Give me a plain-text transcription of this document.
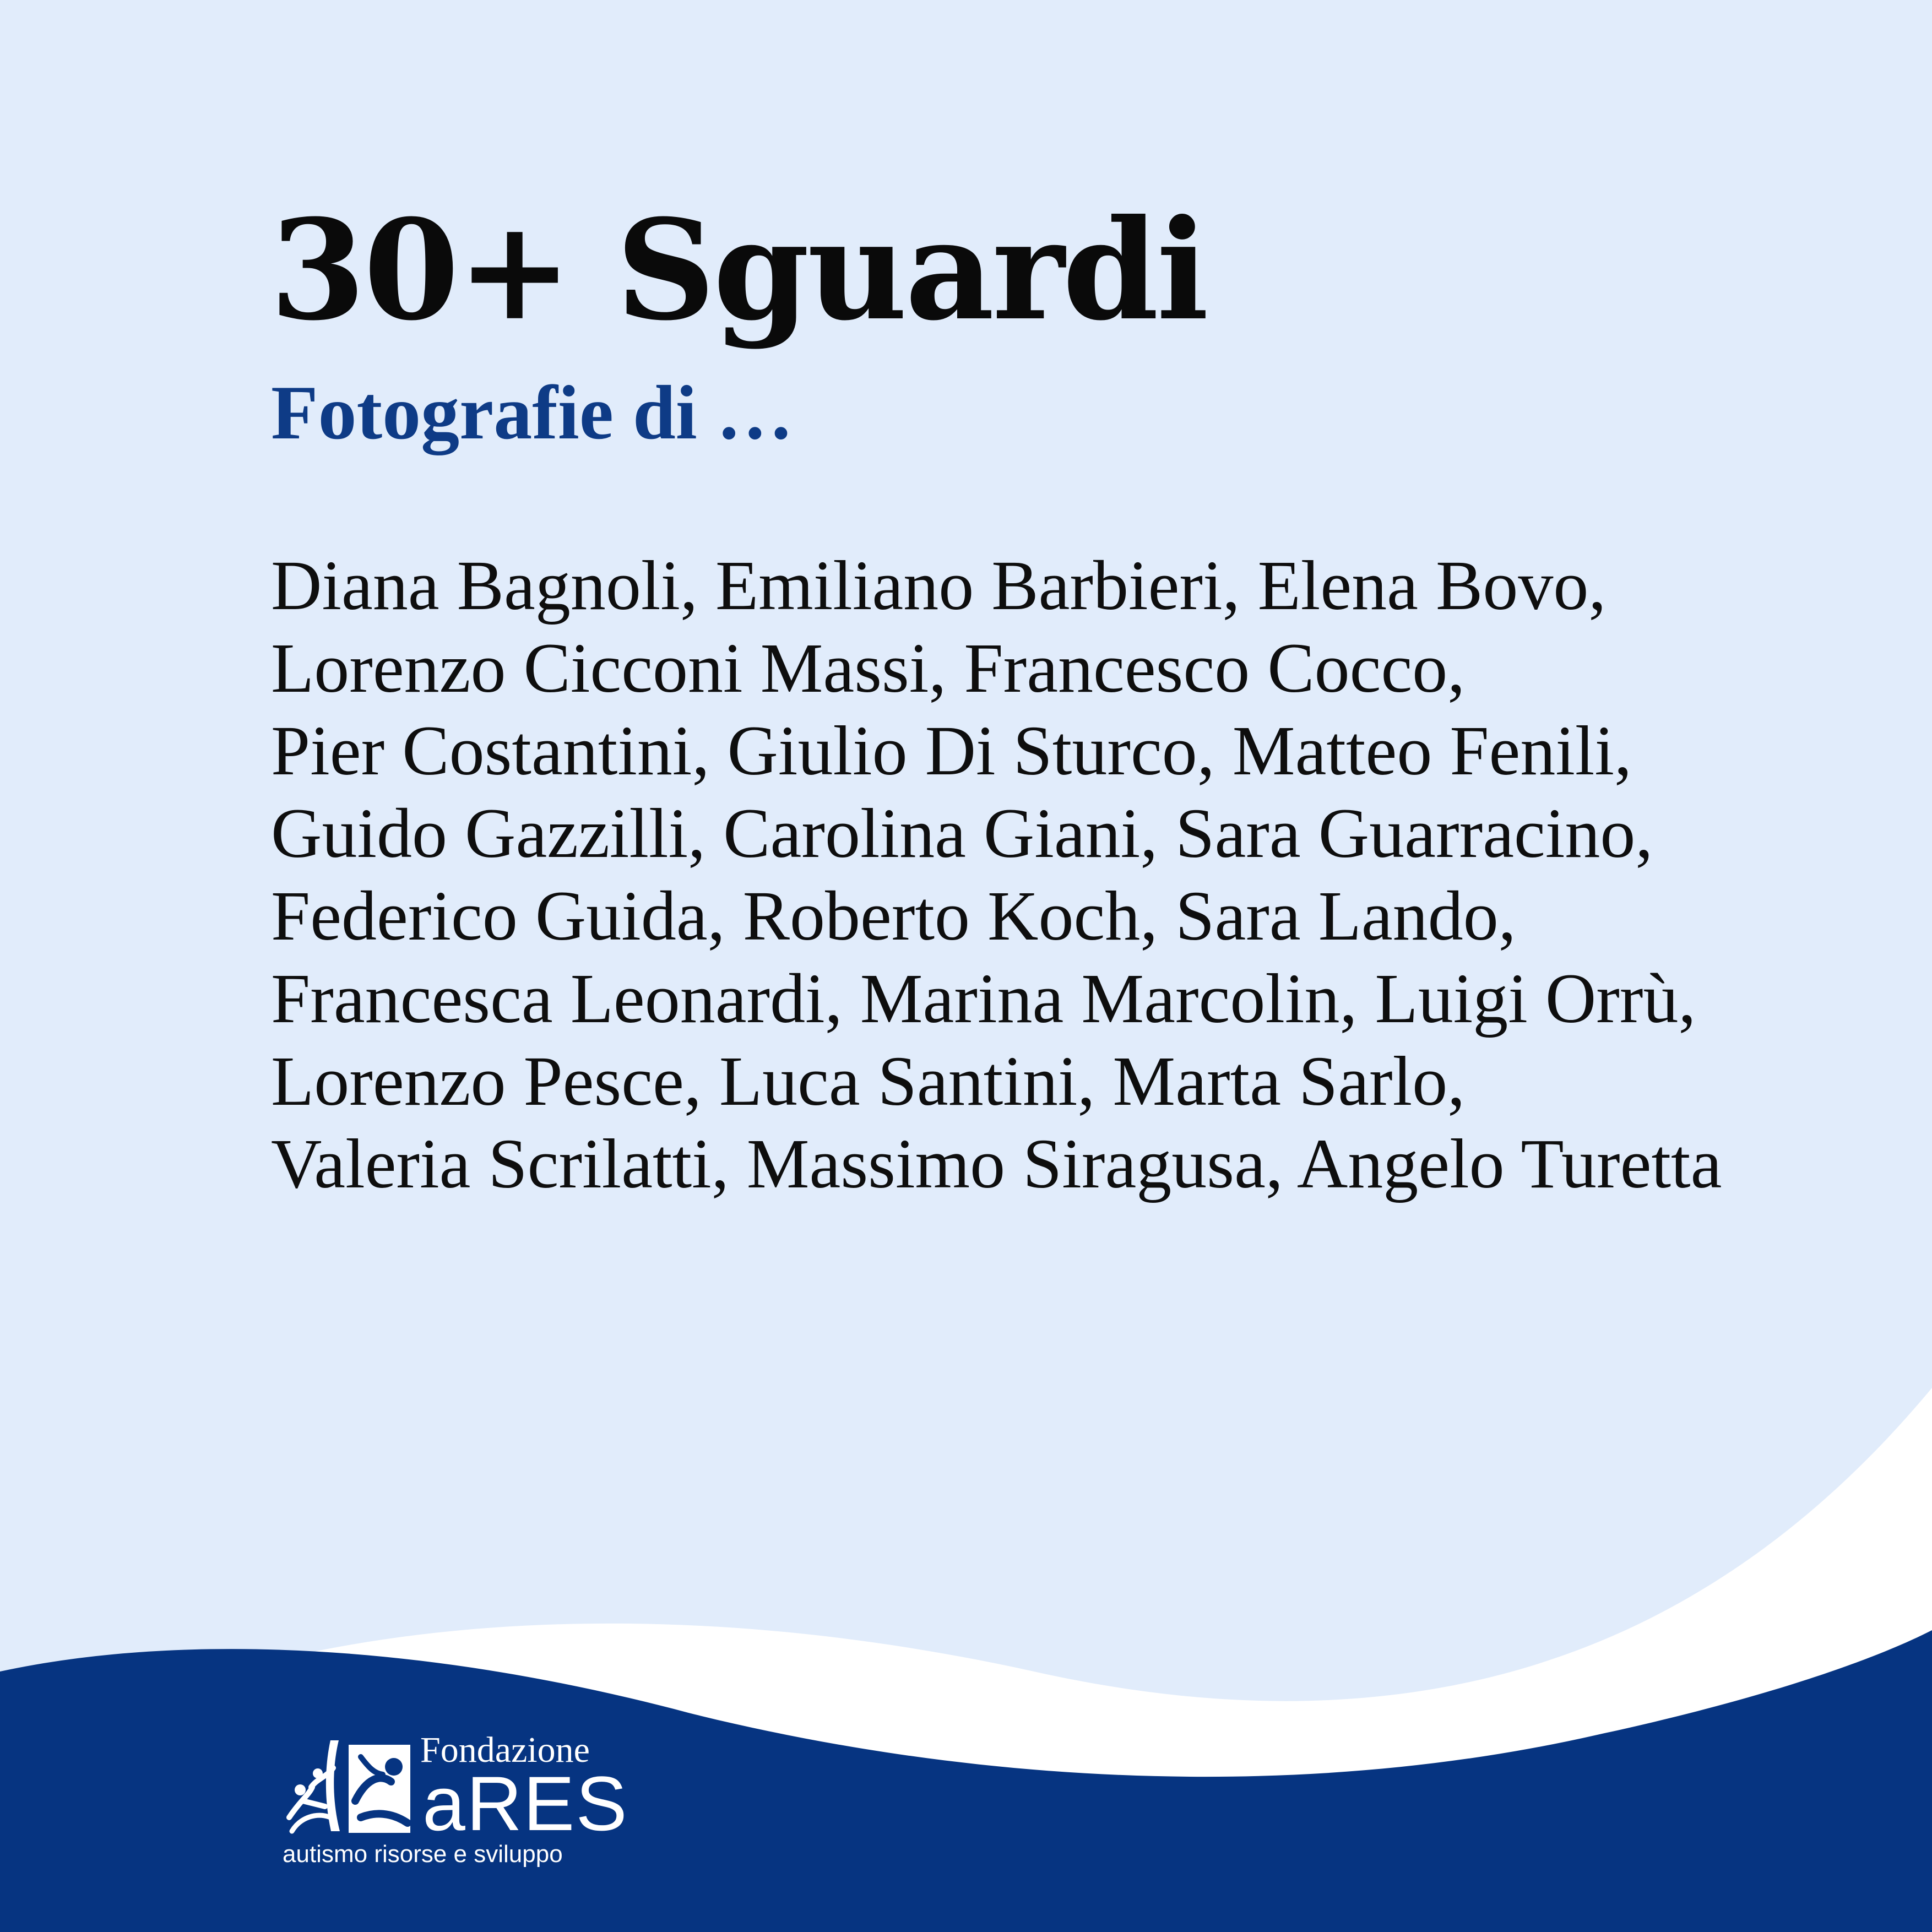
30+ Sguardi
Fotografie di …
Diana Bagnoli, Emiliano Barbieri, Elena Bovo,
Lorenzo Cicconi Massi, Francesco Cocco,
Pier Costantini, Giulio Di Sturco, Matteo Fenili,
Guido Gazzilli, Carolina Giani, Sara Guarracino,
Federico Guida, Roberto Koch, Sara Lando,
Francesca Leonardi, Marina Marcolin, Luigi Orrù,
Lorenzo Pesce, Luca Santini, Marta Sarlo,
Valeria Scrilatti, Massimo Siragusa, Angelo Turetta
Fondazione
aRES
autismo risorse e sviluppo
